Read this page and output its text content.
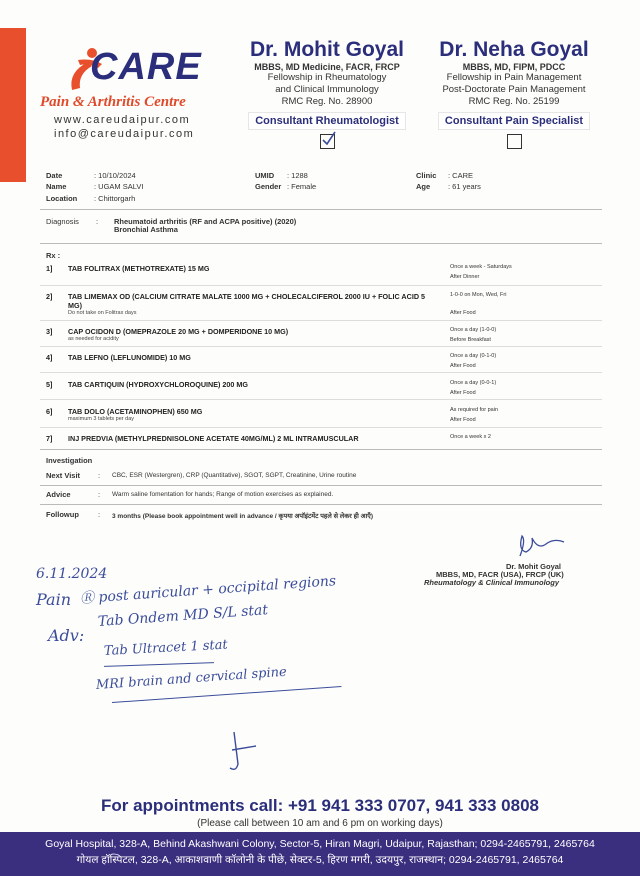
CARE
Pain & Arthritis Centre
www.careudaipur.com
info@careudaipur.com
Dr. Mohit Goyal
MBBS, MD Medicine, FACR, FRCP
Fellowship in Rheumatology
and Clinical Immunology
RMC Reg. No. 28900
Consultant Rheumatologist
Dr. Neha Goyal
MBBS, MD, FIPM, PDCC
Fellowship in Pain Management
Post-Doctorate Pain Management
RMC Reg. No. 25199
Consultant Pain Specialist
Date	: 10/10/2024
Name	: UGAM SALVI
Location : Chittorgarh
UMID : 1288
Gender : Female
Clinic : CARE
Age : 61 years
Diagnosis : Rheumatoid arthritis (RF and ACPA positive) (2020)
Bronchial Asthma
Rx :
1] TAB FOLITRAX (METHOTREXATE) 15 MG	Once a week - Saturdays
After Dinner
2] TAB LIMEMAX OD (CALCIUM CITRATE MALATE 1000 MG + CHOLECALCIFEROL 2000 IU + FOLIC ACID 5 MG)
Do not take on Folitrax days
1-0-0 on Mon, Wed, Fri
After Food
3] CAP OCIDON D (OMEPRAZOLE 20 MG + DOMPERIDONE 10 MG)
as needed for acidity
Once a day (1-0-0)
Before Breakfast
4] TAB LEFNO (LEFLUNOMIDE) 10 MG	Once a day (0-1-0)
After Food
5] TAB CARTIQUIN (HYDROXYCHLOROQUINE) 200 MG	Once a day (0-0-1)
After Food
6] TAB DOLO (ACETAMINOPHEN) 650 MG
maximum 3 tablets per day
As required for pain
After Food
7] INJ PREDVIA (METHYLPREDNISOLONE ACETATE 40MG/ML) 2 ML INTRAMUSCULAR	Once a week x 2
Investigation
Next Visit : CBC, ESR (Westergren), CRP (Quantitative), SGOT, SGPT, Creatinine, Urine routine
Advice	: Warm saline fomentation for hands; Range of motion exercises as explained.
Followup	: 3 months (Please book appointment well in advance / कृपया अपॉइंटमेंट पहले से लेकर ही आएँ)
Dr. Mohit Goyal
MBBS, MD, FACR (USA), FRCP (UK)
Rheumatology & Clinical Immunology
6.11.2024
Pain Ⓡ post auricular + occipital regions
Adv:
Tab Ondem MD S/L stat
Tab Ultracet 1 stat
MRI brain and cervical spine
For appointments call: +91 941 333 0707, 941 333 0808
(Please call between 10 am and 6 pm on working days)
Goyal Hospital, 328-A, Behind Akashwani Colony, Sector-5, Hiran Magri, Udaipur, Rajasthan; 0294-2465791, 2465764
गोयल हॉस्पिटल, 328-A, आकाशवाणी कॉलोनी के पीछे, सेक्टर-5, हिरण मगरी, उदयपुर, राजस्थान; 0294-2465791, 2465764
